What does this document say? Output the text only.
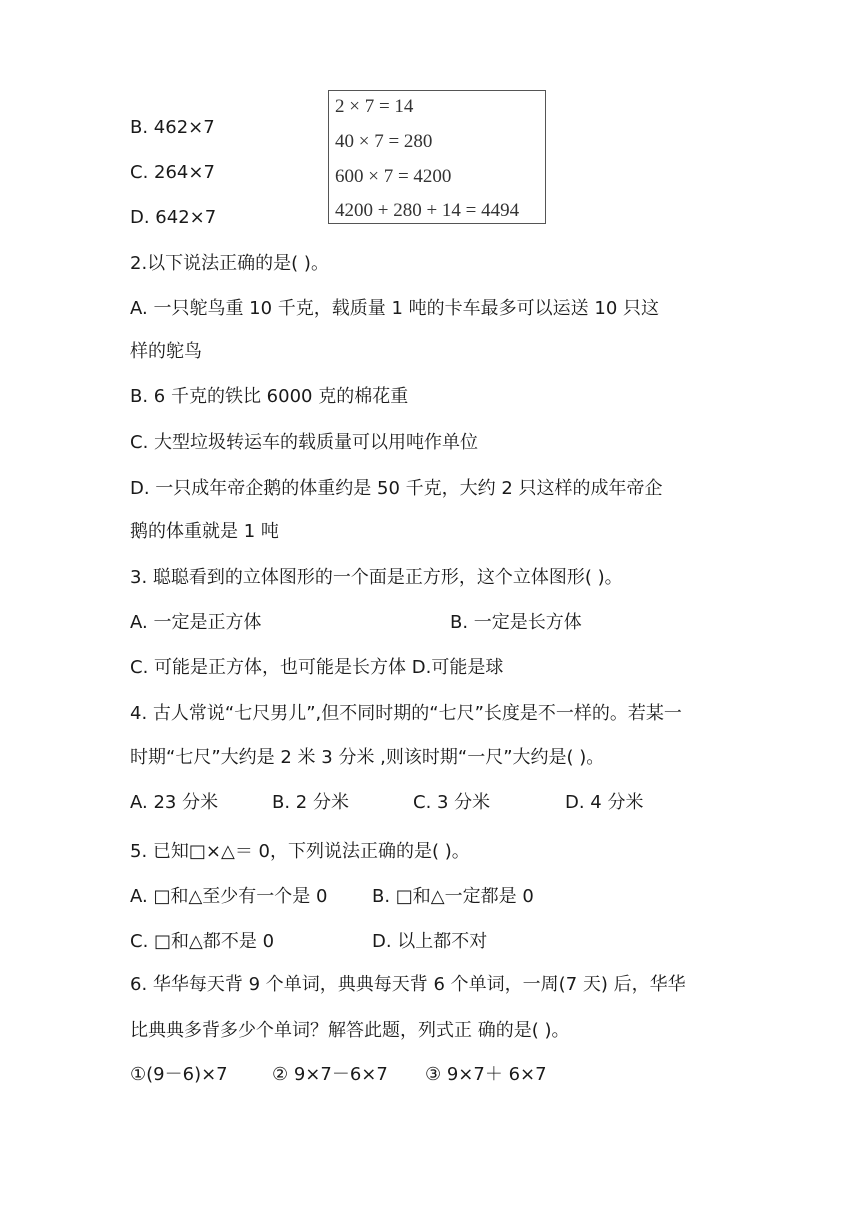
B. 462×7
C. 264×7
D. 642×7
2 × 7 = 14
40 × 7 = 280
600 × 7 = 4200
4200 + 280 + 14 = 4494
2.以下说法正确的是( )。
A. 一只鸵鸟重 10 千克，载质量 1 吨的卡车最多可以运送 10 只这
样的鸵鸟
B. 6 千克的铁比 6000 克的棉花重
C. 大型垃圾转运车的载质量可以用吨作单位
D. 一只成年帝企鹅的体重约是 50 千克，大约 2 只这样的成年帝企
鹅的体重就是 1 吨
3. 聪聪看到的立体图形的一个面是正方形，这个立体图形( )。
A. 一定是正方体	B. 一定是长方体
C. 可能是正方体，也可能是长方体 D.可能是球
4. 古人常说“七尺男儿”,但不同时期的“七尺”长度是不一样的。若某一
时期“七尺”大约是 2 米 3 分米 ,则该时期“一尺”大约是( )。
A. 23 分米	B. 2 分米	C. 3 分米	D. 4 分米
5. 已知□×△＝ 0，下列说法正确的是( )。
A. □和△至少有一个是 0 B. □和△一定都是 0
C. □和△都不是 0	D. 以上都不对
6. 华华每天背 9 个单词，典典每天背 6 个单词，一周(7 天) 后，华华
比典典多背多少个单词？解答此题，列式正 确的是( )。
①(9－6)×7 ② 9×7－6×7 ③ 9×7＋ 6×7
